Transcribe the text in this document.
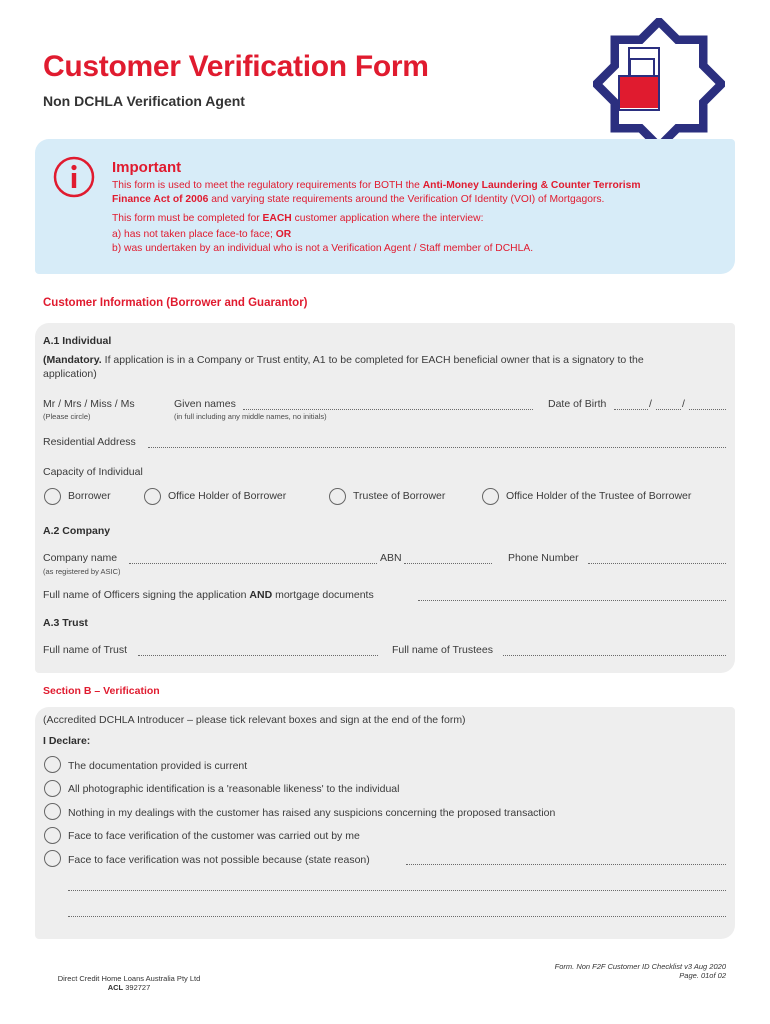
Customer Verification Form
Non DCHLA Verification Agent
Important
This form is used to meet the regulatory requirements for BOTH the Anti-Money Laundering & Counter Terrorism
Finance Act of 2006 and varying state requirements around the Verification Of Identity (VOI) of Mortgagors.
This form must be completed for EACH customer application where the interview:
a) has not taken place face-to face; OR
b) was undertaken by an individual who is not a Verification Agent / Staff member of DCHLA.
Customer Information (Borrower and Guarantor)
A.1 Individual
(Mandatory. If application is in a Company or Trust entity, A1 to be completed for EACH beneficial owner that is a signatory to the
application)
Mr / Mrs / Miss / Ms
(Please circle)
Given names
(in full including any middle names, no initials)
Date of Birth	/	/
Residential Address
Capacity of Individual
Borrower	Office Holder of Borrower	Trustee of Borrower	Office Holder of the Trustee of Borrower
A.2 Company
Company name
(as registered by ASIC)
ABN	Phone Number
Full name of Officers signing the application AND mortgage documents
A.3 Trust
Full name of Trust	Full name of Trustees
Section B – Verification
(Accredited DCHLA Introducer – please tick relevant boxes and sign at the end of the form)
I Declare:
The documentation provided is current
All photographic identification is a 'reasonable likeness' to the individual
Nothing in my dealings with the customer has raised any suspicions concerning the proposed transaction
Face to face verification of the customer was carried out by me
Face to face verification was not possible because (state reason)
Direct Credit Home Loans Australia Pty Ltd
ACL 392727
Form. Non F2F Customer ID Checklist v3 Aug 2020
Page. 01of 02
